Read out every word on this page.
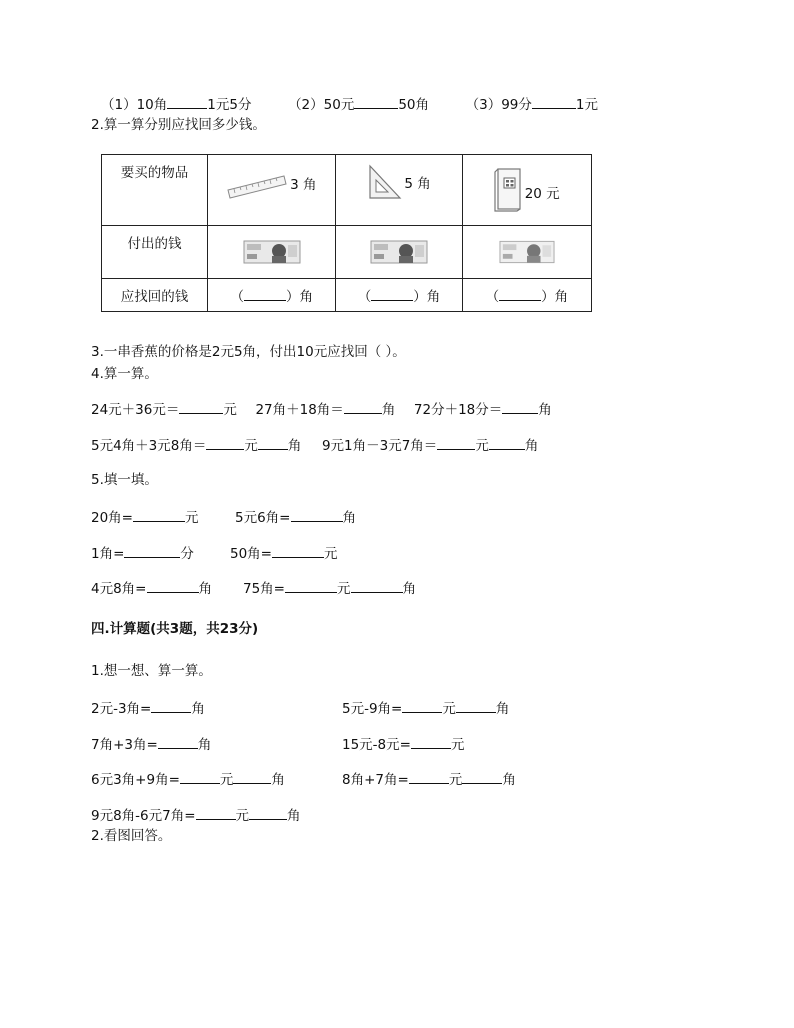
（1）10角	1元5分	（2）50元	50角	（3）99分	1元
2.算一算分别应找回多少钱。
要买的物品	3 角	5 角	20 元

付出的钱	

应找回的钱	（ ）角	（ ）角	（ ）角
3.一串香蕉的价格是2元5角，付出10元应找回（ ）。
4.算一算。
24元＋36元＝	元 27角＋18角＝	角 72分＋18分＝	角
5元4角＋3元8角＝	元 角 9元1角－3元7角＝	元	角
5.填一填。
20角=	元	5元6角=	角
1角=	分	50角=	元
4元8角=	角 75角=	元	角
四.计算题(共3题，共23分)
1.想一想、算一算。
2元-3角=	角
7角+3角=	角
6元3角+9角=	元	角
9元8角-6元7角=	元	角
5元-9角=	元	角
15元-8元=	元
8角+7角=	元	角
2.看图回答。
